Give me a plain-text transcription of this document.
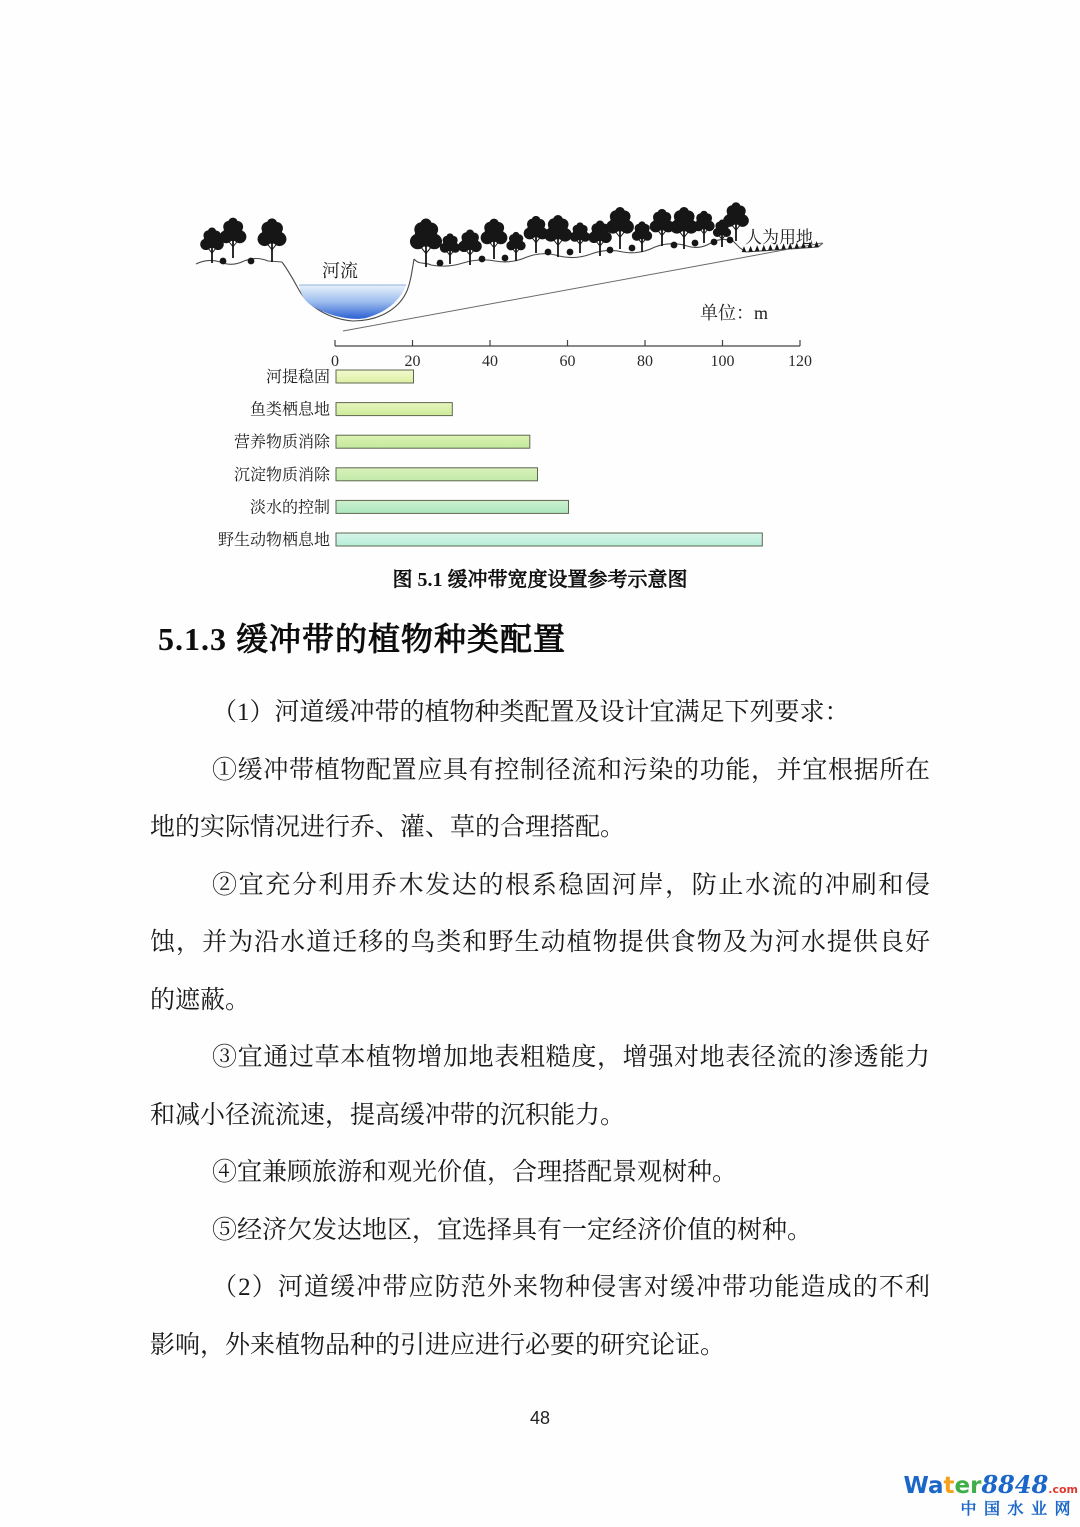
河流
人为用地
单位：m
0	20	40	60	80	100	120
河提稳固
鱼类栖息地
营养物质消除
沉淀物质消除
淡水的控制
野生动物栖息地
图 5.1 缓冲带宽度设置参考示意图
5.1.3 缓冲带的植物种类配置
（1）河道缓冲带的植物种类配置及设计宜满足下列要求：
①缓冲带植物配置应具有控制径流和污染的功能，并宜根据所在
地的实际情况进行乔、灌、草的合理搭配。
②宜充分利用乔木发达的根系稳固河岸，防止水流的冲刷和侵
蚀，并为沿水道迁移的鸟类和野生动植物提供食物及为河水提供良好
的遮蔽。
③宜通过草本植物增加地表粗糙度，增强对地表径流的渗透能力
和减小径流流速，提高缓冲带的沉积能力。
④宜兼顾旅游和观光价值，合理搭配景观树种。
⑤经济欠发达地区，宜选择具有一定经济价值的树种。
（2）河道缓冲带应防范外来物种侵害对缓冲带功能造成的不利
影响，外来植物品种的引进应进行必要的研究论证。
48
Water8848.com
中国水业网
